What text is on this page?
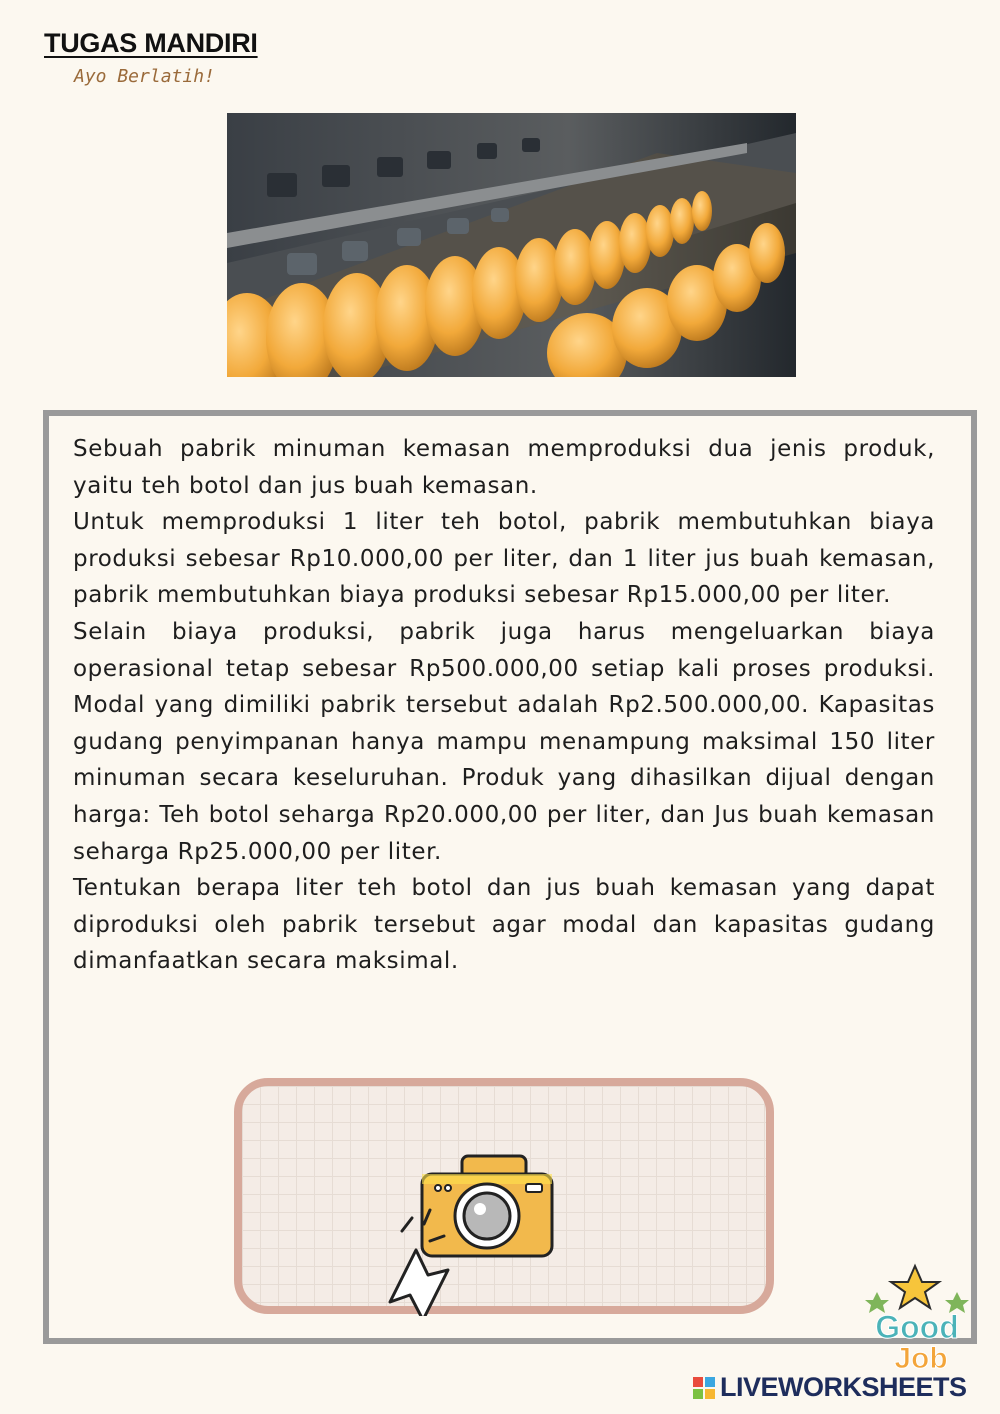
TUGAS MANDIRI
Ayo Berlatih!

Sebuah pabrik minuman kemasan memproduksi dua jenis produk, yaitu teh botol dan jus buah kemasan.

Untuk memproduksi 1 liter teh botol, pabrik membutuhkan biaya produksi sebesar Rp10.000,00 per liter, dan 1 liter jus buah kemasan, pabrik membutuhkan biaya produksi sebesar Rp15.000,00 per liter.

Selain biaya produksi, pabrik juga harus mengeluarkan biaya operasional tetap sebesar Rp500.000,00 setiap kali proses produksi. Modal yang dimiliki pabrik tersebut adalah Rp2.500.000,00. Kapasitas gudang penyimpanan hanya mampu menampung maksimal 150 liter minuman secara keseluruhan. Produk yang dihasilkan dijual dengan harga: Teh botol seharga Rp20.000,00 per liter, dan Jus buah kemasan seharga Rp25.000,00 per liter.

Tentukan berapa liter teh botol dan jus buah kemasan yang dapat diproduksi oleh pabrik tersebut agar modal dan kapasitas gudang dimanfaatkan secara maksimal.

Good
Job
LIVEWORKSHEETS
